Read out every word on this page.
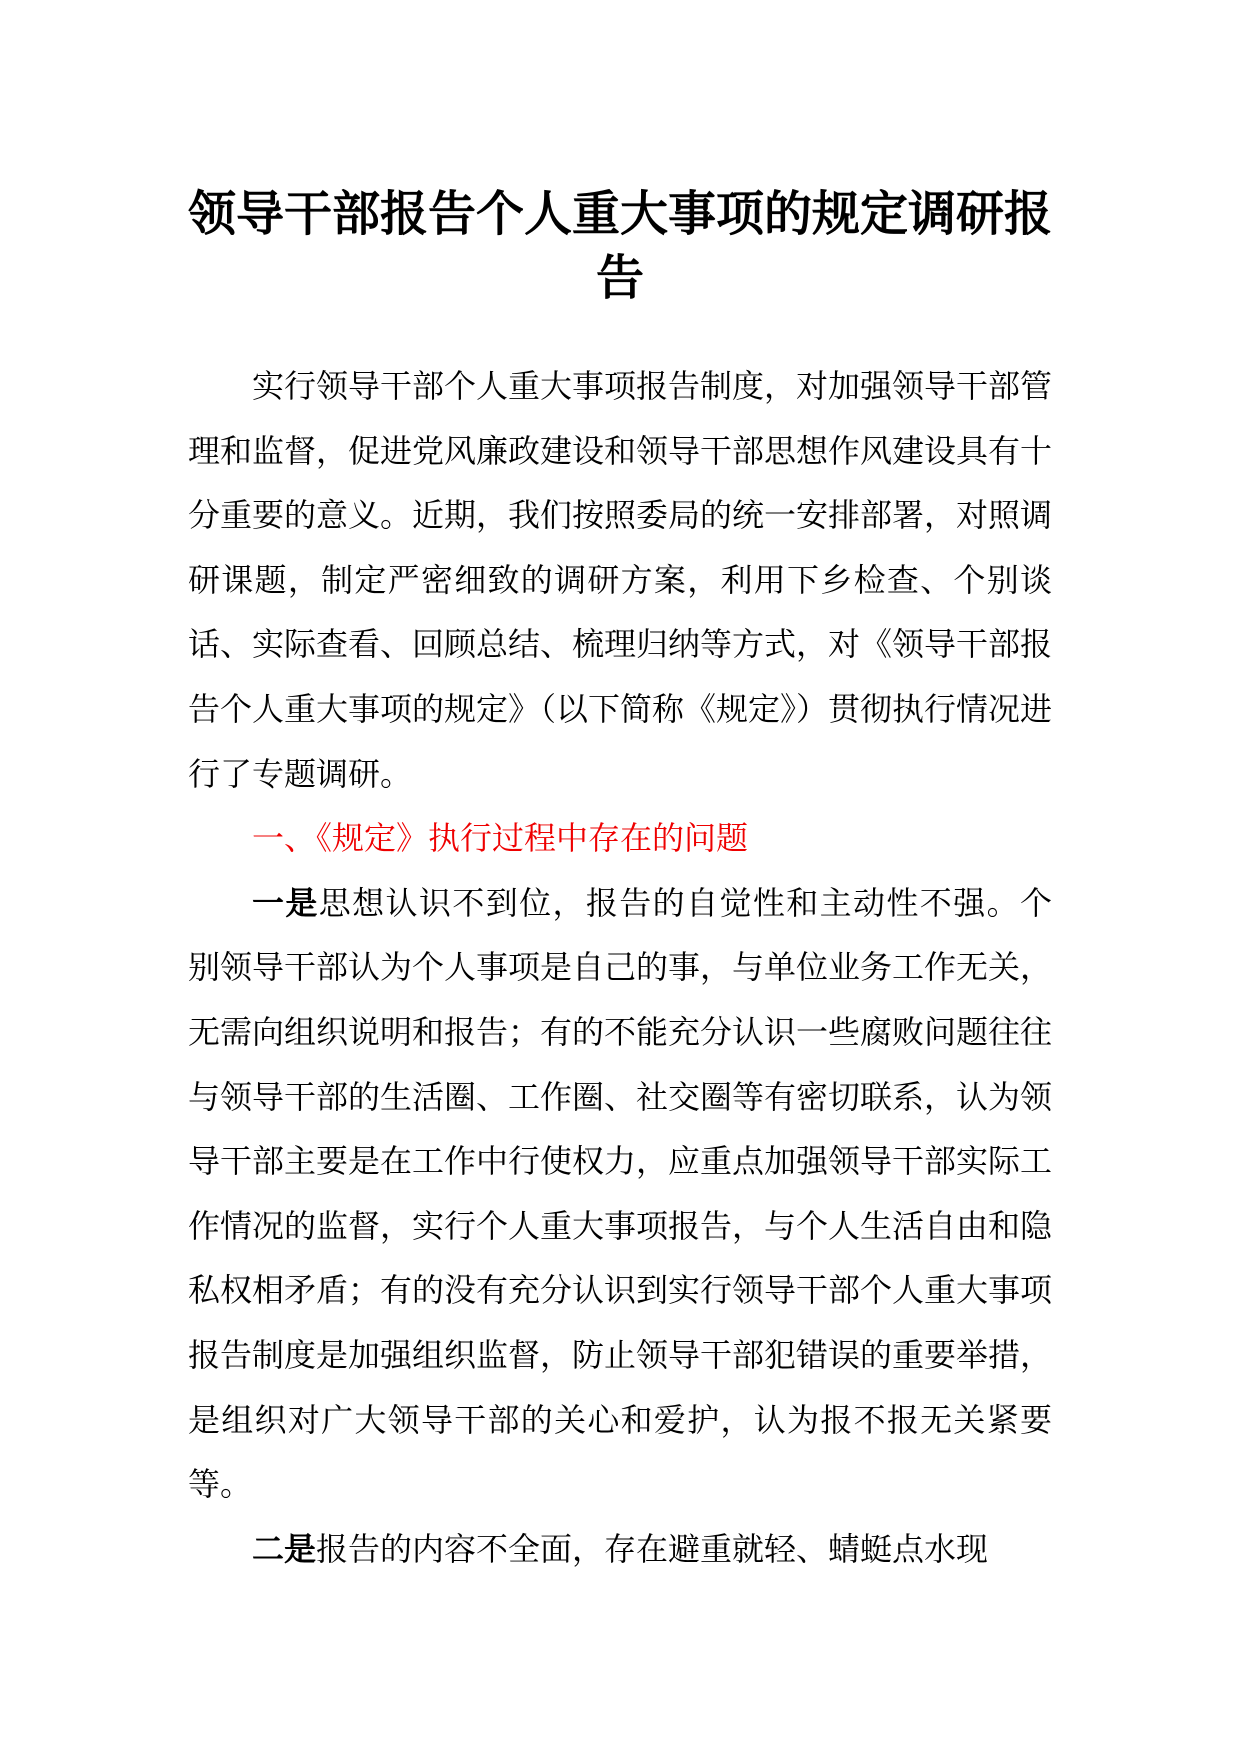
领导干部报告个人重大事项的规定调研报
告

实行领导干部个人重大事项报告制度，对加强领导干部管理和监督，促进党风廉政建设和领导干部思想作风建设具有十分重要的意义。近期，我们按照委局的统一安排部署，对照调研课题，制定严密细致的调研方案，利用下乡检查、个别谈话、实际查看、回顾总结、梳理归纳等方式，对《领导干部报告个人重大事项的规定》（以下简称《规定》）贯彻执行情况进行了专题调研。

一、《规定》执行过程中存在的问题

一是思想认识不到位，报告的自觉性和主动性不强。个别领导干部认为个人事项是自己的事，与单位业务工作无关，无需向组织说明和报告；有的不能充分认识一些腐败问题往往与领导干部的生活圈、工作圈、社交圈等有密切联系，认为领导干部主要是在工作中行使权力，应重点加强领导干部实际工作情况的监督，实行个人重大事项报告，与个人生活自由和隐私权相矛盾；有的没有充分认识到实行领导干部个人重大事项报告制度是加强组织监督，防止领导干部犯错误的重要举措，是组织对广大领导干部的关心和爱护，认为报不报无关紧要等。

二是报告的内容不全面，存在避重就轻、蜻蜓点水现
